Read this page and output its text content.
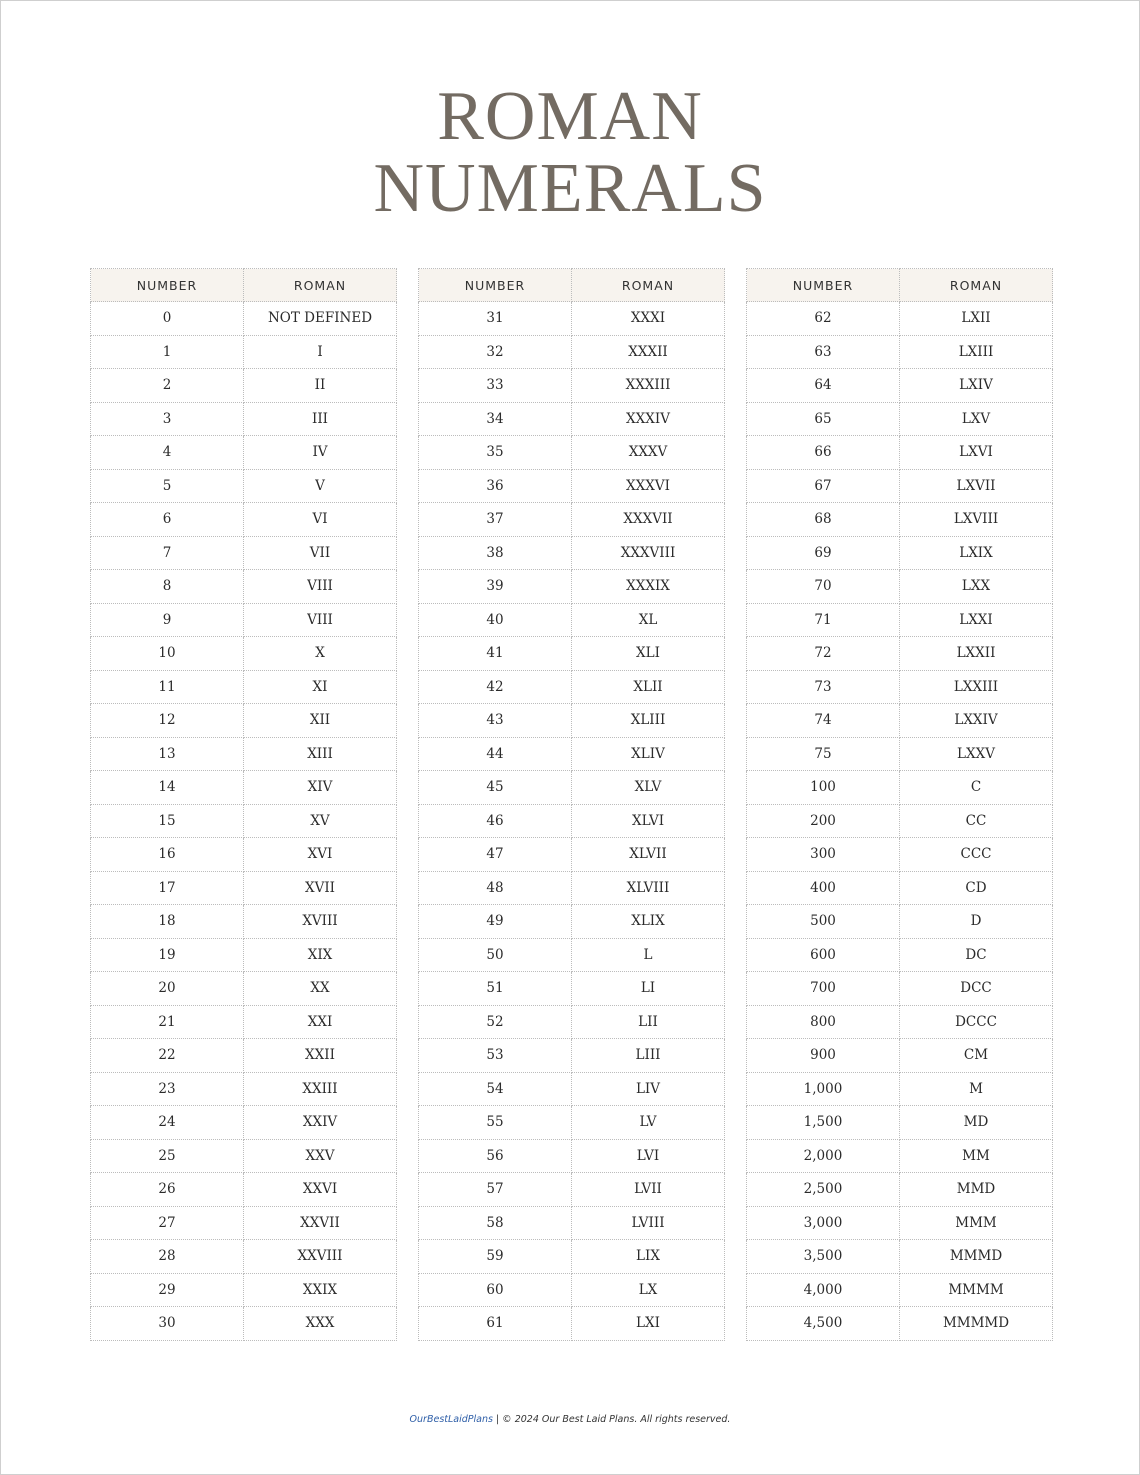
ROMAN
NUMERALS
NUMBER	ROMAN
0	NOT DEFINED
1	I
2	II
3	III
4	IV
5	V
6	VI
7	VII
8	VIII
9	VIII
10	X
11	XI
12	XII
13	XIII
14	XIV
15	XV
16	XVI
17	XVII
18	XVIII
19	XIX
20	XX
21	XXI
22	XXII
23	XXIII
24	XXIV
25	XXV
26	XXVI
27	XXVII
28	XXVIII
29	XXIX
30	XXX
NUMBER	ROMAN
31	XXXI
32	XXXII
33	XXXIII
34	XXXIV
35	XXXV
36	XXXVI
37	XXXVII
38	XXXVIII
39	XXXIX
40	XL
41	XLI
42	XLII
43	XLIII
44	XLIV
45	XLV
46	XLVI
47	XLVII
48	XLVIII
49	XLIX
50	L
51	LI
52	LII
53	LIII
54	LIV
55	LV
56	LVI
57	LVII
58	LVIII
59	LIX
60	LX
61	LXI
NUMBER	ROMAN
62	LXII
63	LXIII
64	LXIV
65	LXV
66	LXVI
67	LXVII
68	LXVIII
69	LXIX
70	LXX
71	LXXI
72	LXXII
73	LXXIII
74	LXXIV
75	LXXV
100	C
200	CC
300	CCC
400	CD
500	D
600	DC
700	DCC
800	DCCC
900	CM
1,000	M
1,500	MD
2,000	MM
2,500	MMD
3,000	MMM
3,500	MMMD
4,000	MMMM
4,500	MMMMD
OurBestLaidPlans | © 2024 Our Best Laid Plans. All rights reserved.
